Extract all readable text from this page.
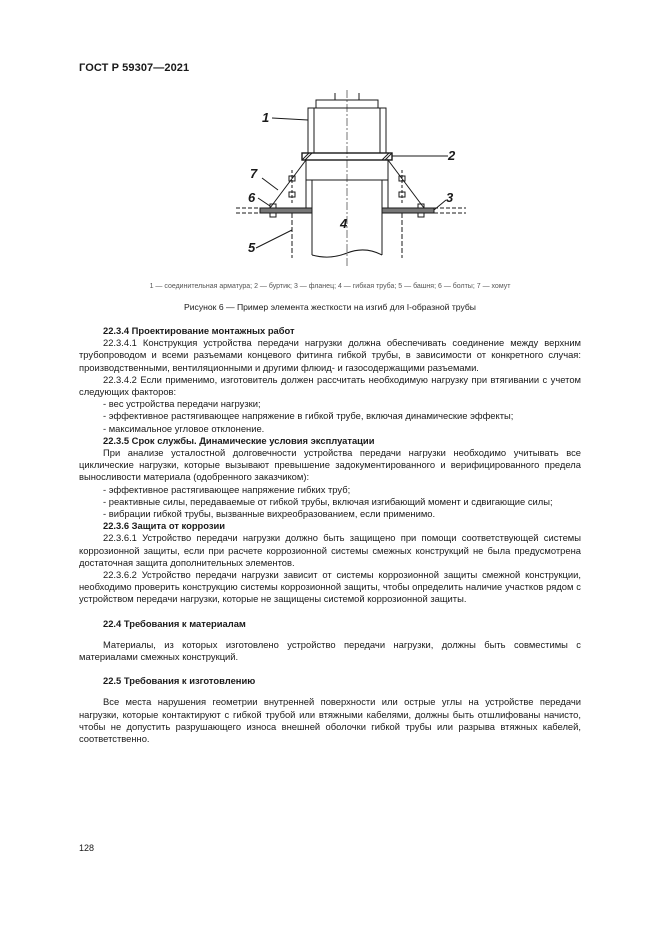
ГОСТ Р 59307—2021
1
2
3
4
5
6
7
1 — соединительная арматура; 2 — буртик; 3 — фланец; 4 — гибкая труба; 5 — башня; 6 — болты; 7 — хомут
Рисунок 6 — Пример элемента жесткости на изгиб для I-образной трубы

22.3.4 Проектирование монтажных работ

22.3.4.1 Конструкция устройства передачи нагрузки должна обеспечивать соединение между верхним трубопроводом и всеми разъемами концевого фитинга гибкой трубы, в зависимости от конкретного случая: производственными, вентиляционными и другими флюид- и газосодержащими разъемами.

22.3.4.2 Если применимо, изготовитель должен рассчитать необходимую нагрузку при втягивании с учетом следующих факторов:

- вес устройства передачи нагрузки;

- эффективное растягивающее напряжение в гибкой трубе, включая динамические эффекты;

- максимальное угловое отклонение.

22.3.5 Срок службы. Динамические условия эксплуатации

При анализе усталостной долговечности устройства передачи нагрузки необходимо учитывать все циклические нагрузки, которые вызывают превышение задокументированного и верифицированного предела выносливости материала (одобренного заказчиком):

- эффективное растягивающее напряжение гибких труб;

- реактивные силы, передаваемые от гибкой трубы, включая изгибающий момент и сдвигающие силы;

- вибрации гибкой трубы, вызванные вихреобразованием, если применимо.

22.3.6 Защита от коррозии

22.3.6.1 Устройство передачи нагрузки должно быть защищено при помощи соответствующей системы коррозионной защиты, если при расчете коррозионной системы смежных конструкций не была предусмотрена достаточная защита дополнительных элементов.

22.3.6.2 Устройство передачи нагрузки зависит от системы коррозионной защиты смежной конструкции, необходимо проверить конструкцию системы коррозионной защиты, чтобы определить наличие участков рядом с устройством передачи нагрузки, которые не защищены системой коррозионной защиты.

22.4 Требования к материалам

Материалы, из которых изготовлено устройство передачи нагрузки, должны быть совместимы с материалами смежных конструкций.

22.5 Требования к изготовлению

Все места нарушения геометрии внутренней поверхности или острые углы на устройстве передачи нагрузки, которые контактируют с гибкой трубой или втяжными кабелями, должны быть отшлифованы начисто, чтобы не допустить разрушающего износа внешней оболочки гибкой трубы или разрыва втяжных кабелей, соответственно.

128
